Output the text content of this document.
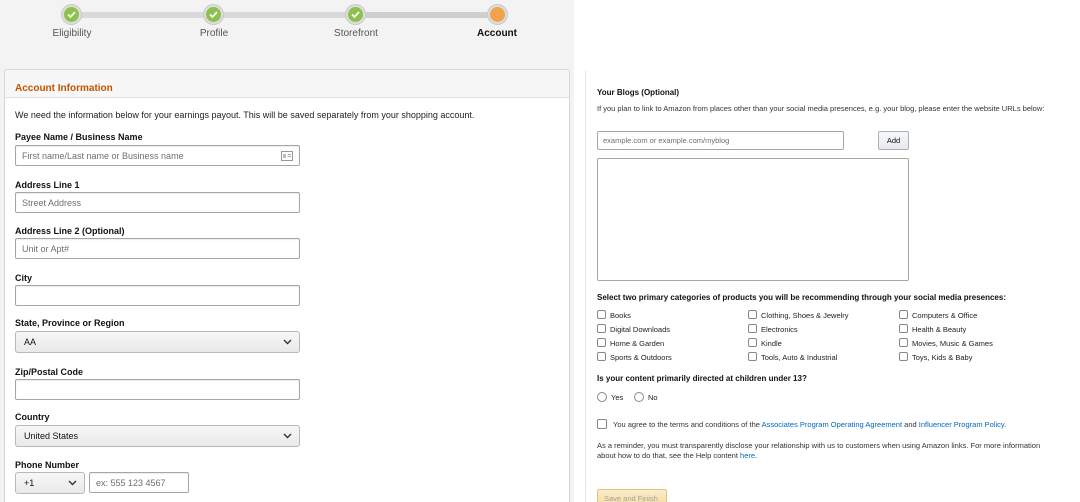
Eligibility	Profile	Storefront	Account
Account Information
We need the information below for your earnings payout. This will be saved separately from your shopping account.
Payee Name / Business Name
First name/Last name or Business name
Address Line 1
Street Address
Address Line 2 (Optional)
Unit or Apt#
City
State, Province or Region
AA
Zip/Postal Code
Country
United States
Phone Number
+1	ex: 555 123 4567
Your Blogs (Optional)
If you plan to link to Amazon from places other than your social media presences, e.g. your blog, please enter the website URLs below:
example.com or example.com/myblog	Add
Select two primary categories of products you will be recommending through your social media presences:
Books	Clothing, Shoes & Jewelry	Computers & Office
Digital Downloads	Electronics	Health & Beauty
Home & Garden	Kindle	Movies, Music & Games
Sports & Outdoors	Tools, Auto & Industrial	Toys, Kids & Baby
Is your content primarily directed at children under 13?
Yes	No
You agree to the terms and conditions of the Associates Program Operating Agreement and Influencer Program Policy.
As a reminder, you must transparently disclose your relationship with us to customers when using Amazon links. For more information about how to do that, see the Help content here.
Save and Finish
